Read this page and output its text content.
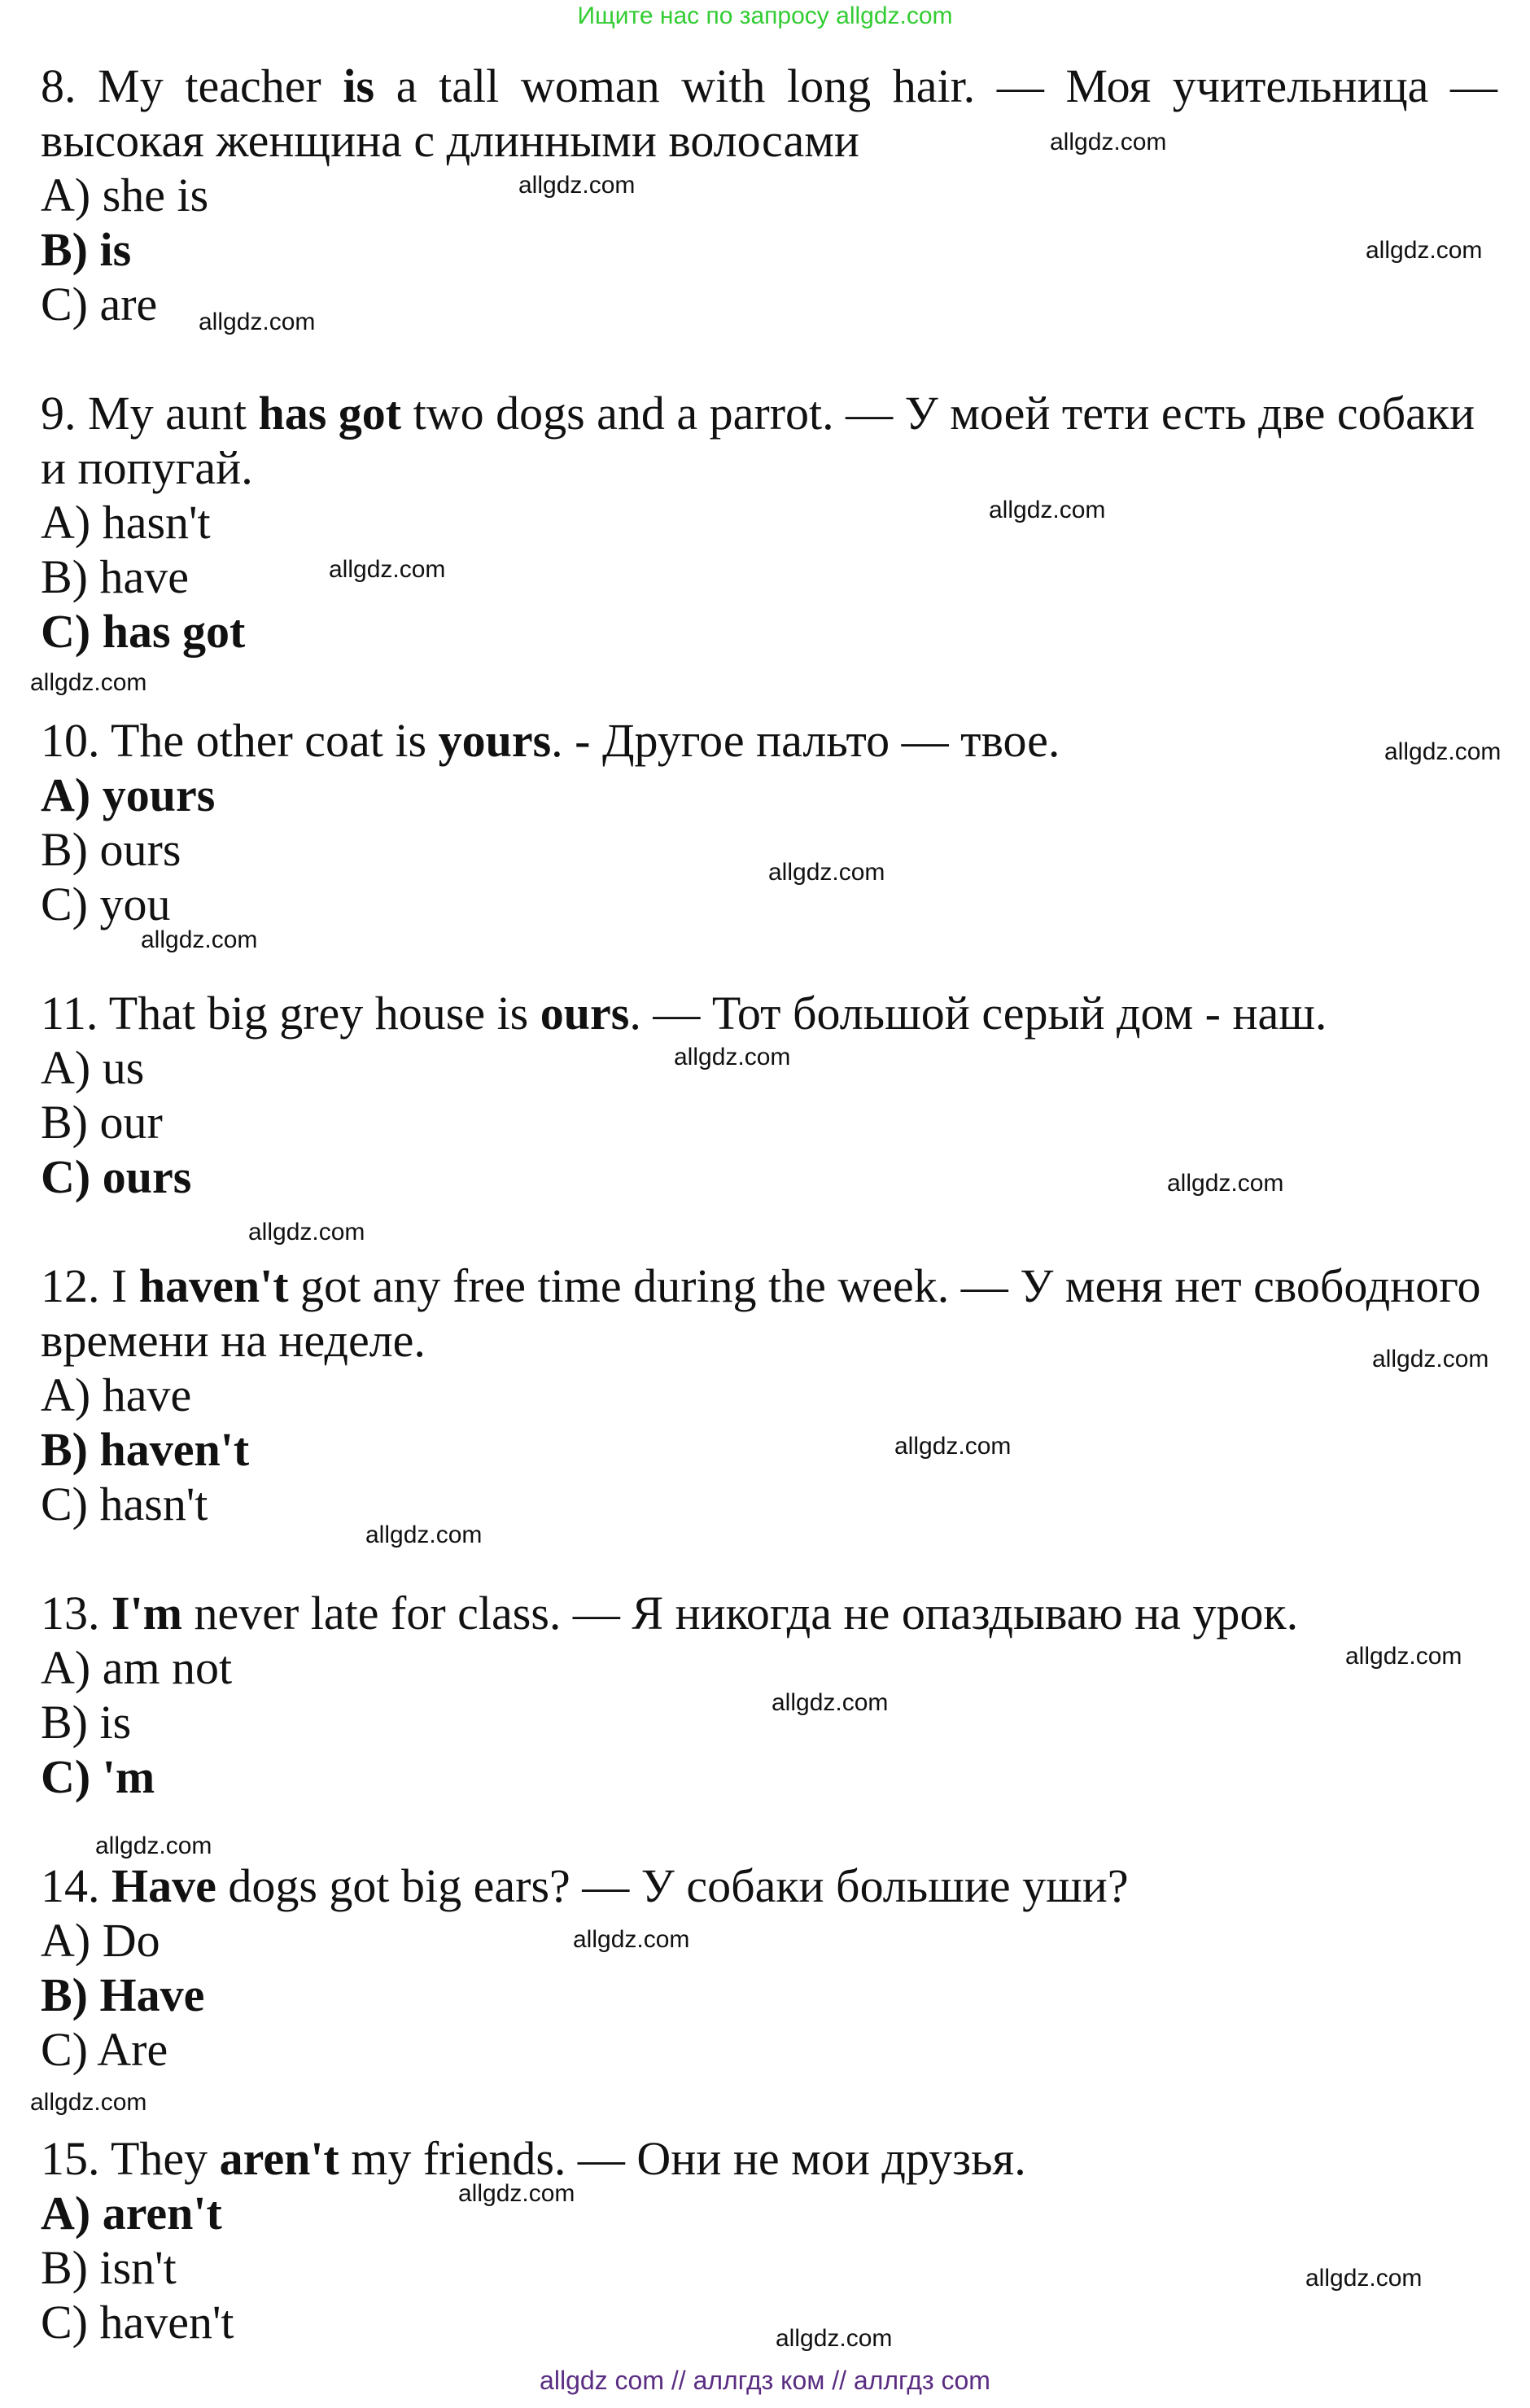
Ищите нас по запросу allgdz.com
8. My teacher is a tall woman with long hair. — Моя учительница — высокая женщина с длинными волосами
A) she is
B) is
C) are
9. My aunt has got two dogs and a parrot. — У моей тети есть две собаки и попугай.
A) hasn't
B) have
C) has got
10. The other coat is yours. - Другое пальто — твое.
A) yours
B) ours
C) you
11. That big grey house is ours. — Тот большой серый дом - наш.
A) us
B) our
C) ours
12. I haven't got any free time during the week. — У меня нет свободного времени на неделе.
A) have
B) haven't
C) hasn't
13. I'm never late for class. — Я никогда не опаздываю на урок.
A) am not
B) is
C) 'm
14. Have dogs got big ears? — У собаки большие уши?
A) Do
B) Have
C) Are
15. They aren't my friends. — Они не мои друзья.
A) aren't
B) isn't
C) haven't
allgdz.com
allgdz.com
allgdz.com
allgdz.com
allgdz.com
allgdz.com
allgdz.com
allgdz.com
allgdz.com
allgdz.com
allgdz.com
allgdz.com
allgdz.com
allgdz.com
allgdz.com
allgdz.com
allgdz.com
allgdz.com
allgdz.com
allgdz.com
allgdz.com
allgdz.com
allgdz.com
allgdz.com
allgdz com // аллгдз ком // аллгдз com
